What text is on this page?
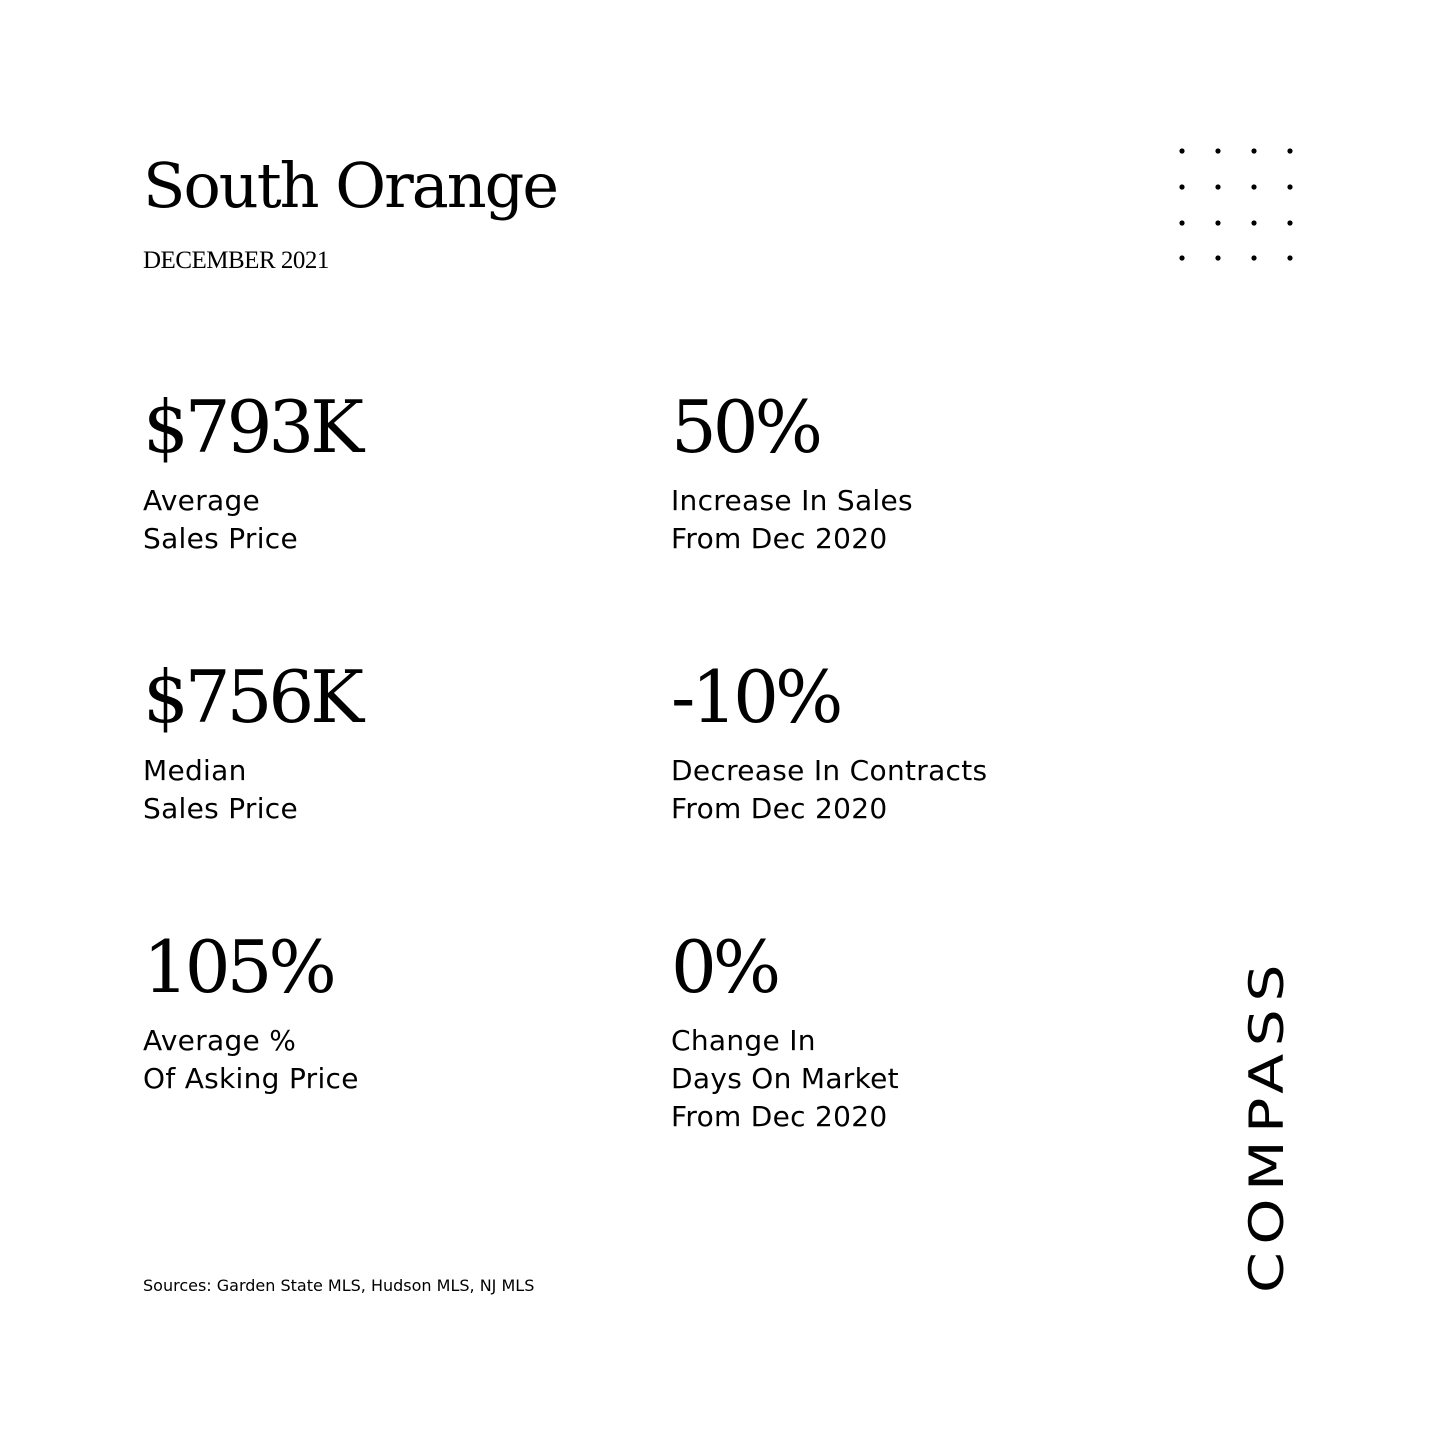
South Orange
DECEMBER 2021
$793K
Average
Sales Price
50%
Increase In Sales
From Dec 2020
$756K
Median
Sales Price
-10%
Decrease In Contracts
From Dec 2020
105%
Average %
Of Asking Price
0%
Change In
Days On Market
From Dec 2020
Sources: Garden State MLS, Hudson MLS, NJ MLS	COMPASS
